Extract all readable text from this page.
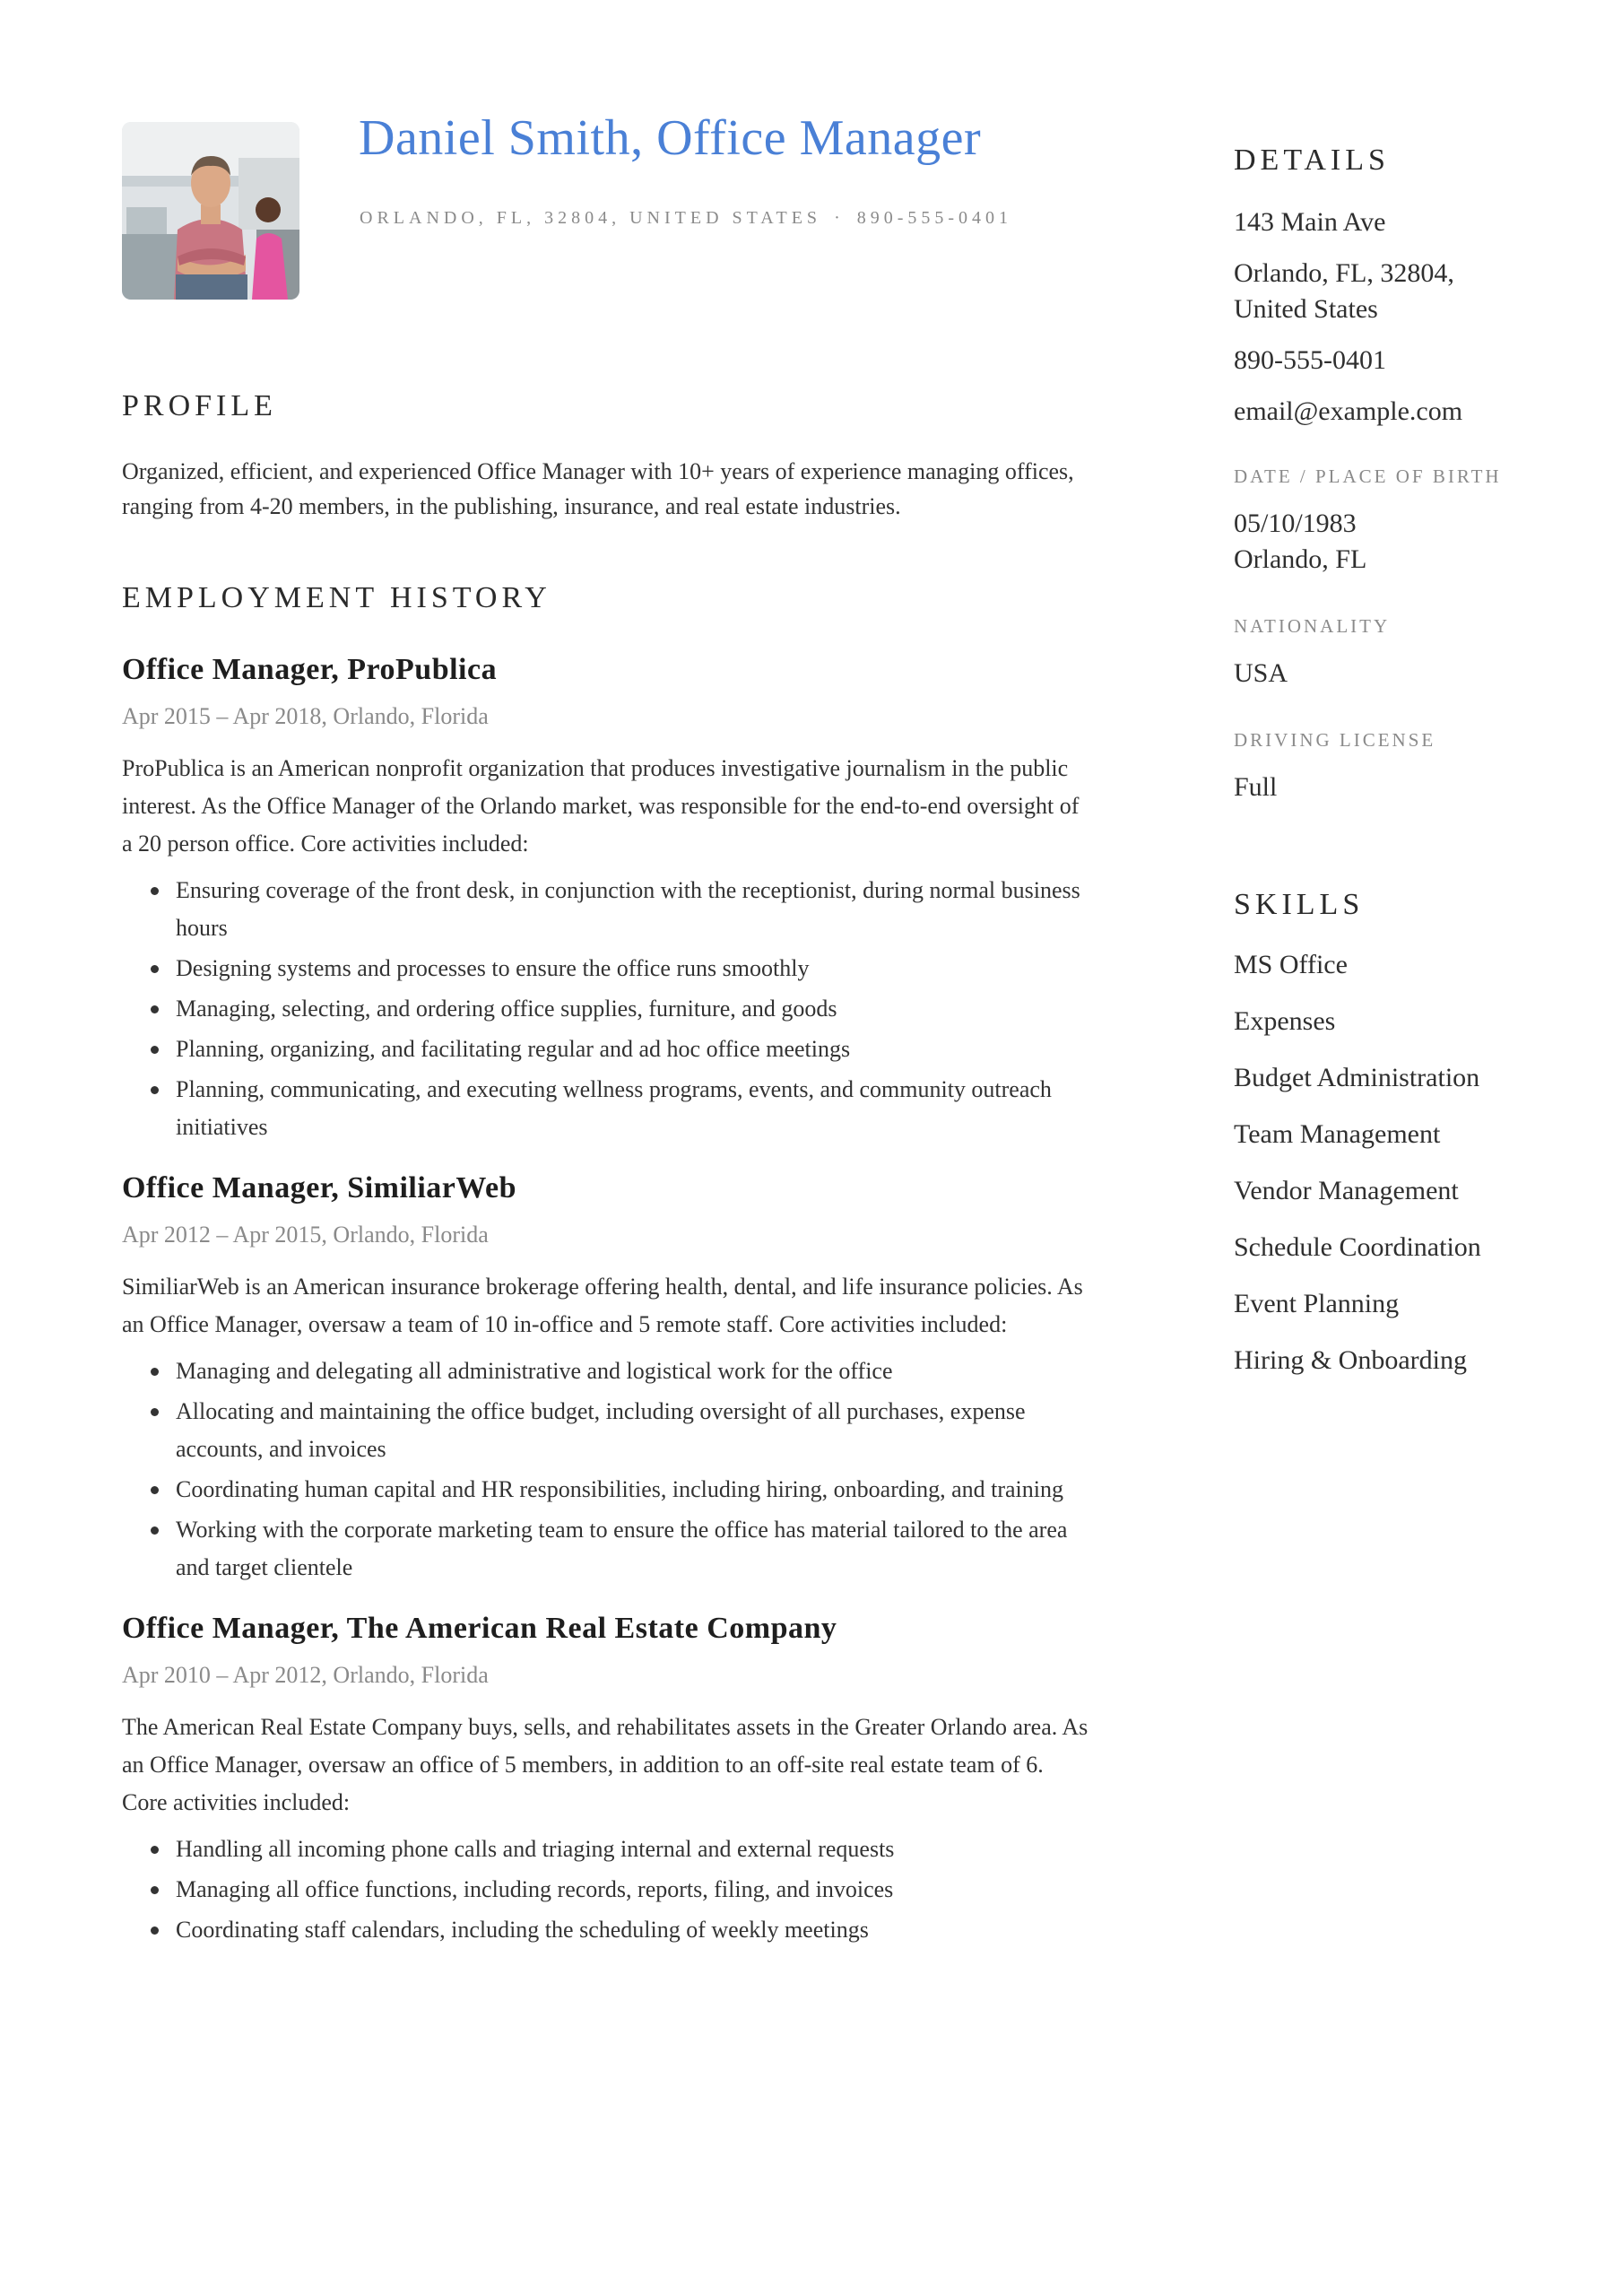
Daniel Smith, Office Manager
ORLANDO, FL, 32804, UNITED STATES · 890-555-0401
PROFILE

Organized, efficient, and experienced Office Manager with 10+ years of experience managing offices, ranging from 4-20 members, in the publishing, insurance, and real estate industries.

EMPLOYMENT HISTORY
Office Manager, ProPublica
Apr 2015 – Apr 2018, Orlando, Florida
ProPublica is an American nonprofit organization that produces investigative journalism in the public interest. As the Office Manager of the Orlando market, was responsible for the end-to-end oversight of a 20 person office. Core activities included:
Ensuring coverage of the front desk, in conjunction with the receptionist, during normal business hours
Designing systems and processes to ensure the office runs smoothly
Managing, selecting, and ordering office supplies, furniture, and goods
Planning, organizing, and facilitating regular and ad hoc office meetings
Planning, communicating, and executing wellness programs, events, and community outreach initiatives
Office Manager, SimiliarWeb
Apr 2012 – Apr 2015, Orlando, Florida
SimiliarWeb is an American insurance brokerage offering health, dental, and life insurance policies. As an Office Manager, oversaw a team of 10 in-office and 5 remote staff. Core activities included:
Managing and delegating all administrative and logistical work for the office
Allocating and maintaining the office budget, including oversight of all purchases, expense accounts, and invoices
Coordinating human capital and HR responsibilities, including hiring, onboarding, and training
Working with the corporate marketing team to ensure the office has material tailored to the area and target clientele
Office Manager, The American Real Estate Company
Apr 2010 – Apr 2012, Orlando, Florida
The American Real Estate Company buys, sells, and rehabilitates assets in the Greater Orlando area. As an Office Manager, oversaw an office of 5 members, in addition to an off-site real estate team of 6. Core activities included:
Handling all incoming phone calls and triaging internal and external requests
Managing all office functions, including records, reports, filing, and invoices
Coordinating staff calendars, including the scheduling of weekly meetings
DETAILS
143 Main Ave
Orlando, FL, 32804,
United States
890-555-0401
email@example.com
DATE / PLACE OF BIRTH
05/10/1983
Orlando, FL
NATIONALITY
USA
DRIVING LICENSE
Full
SKILLS
MS Office
Expenses
Budget Administration
Team Management
Vendor Management
Schedule Coordination
Event Planning
Hiring & Onboarding
